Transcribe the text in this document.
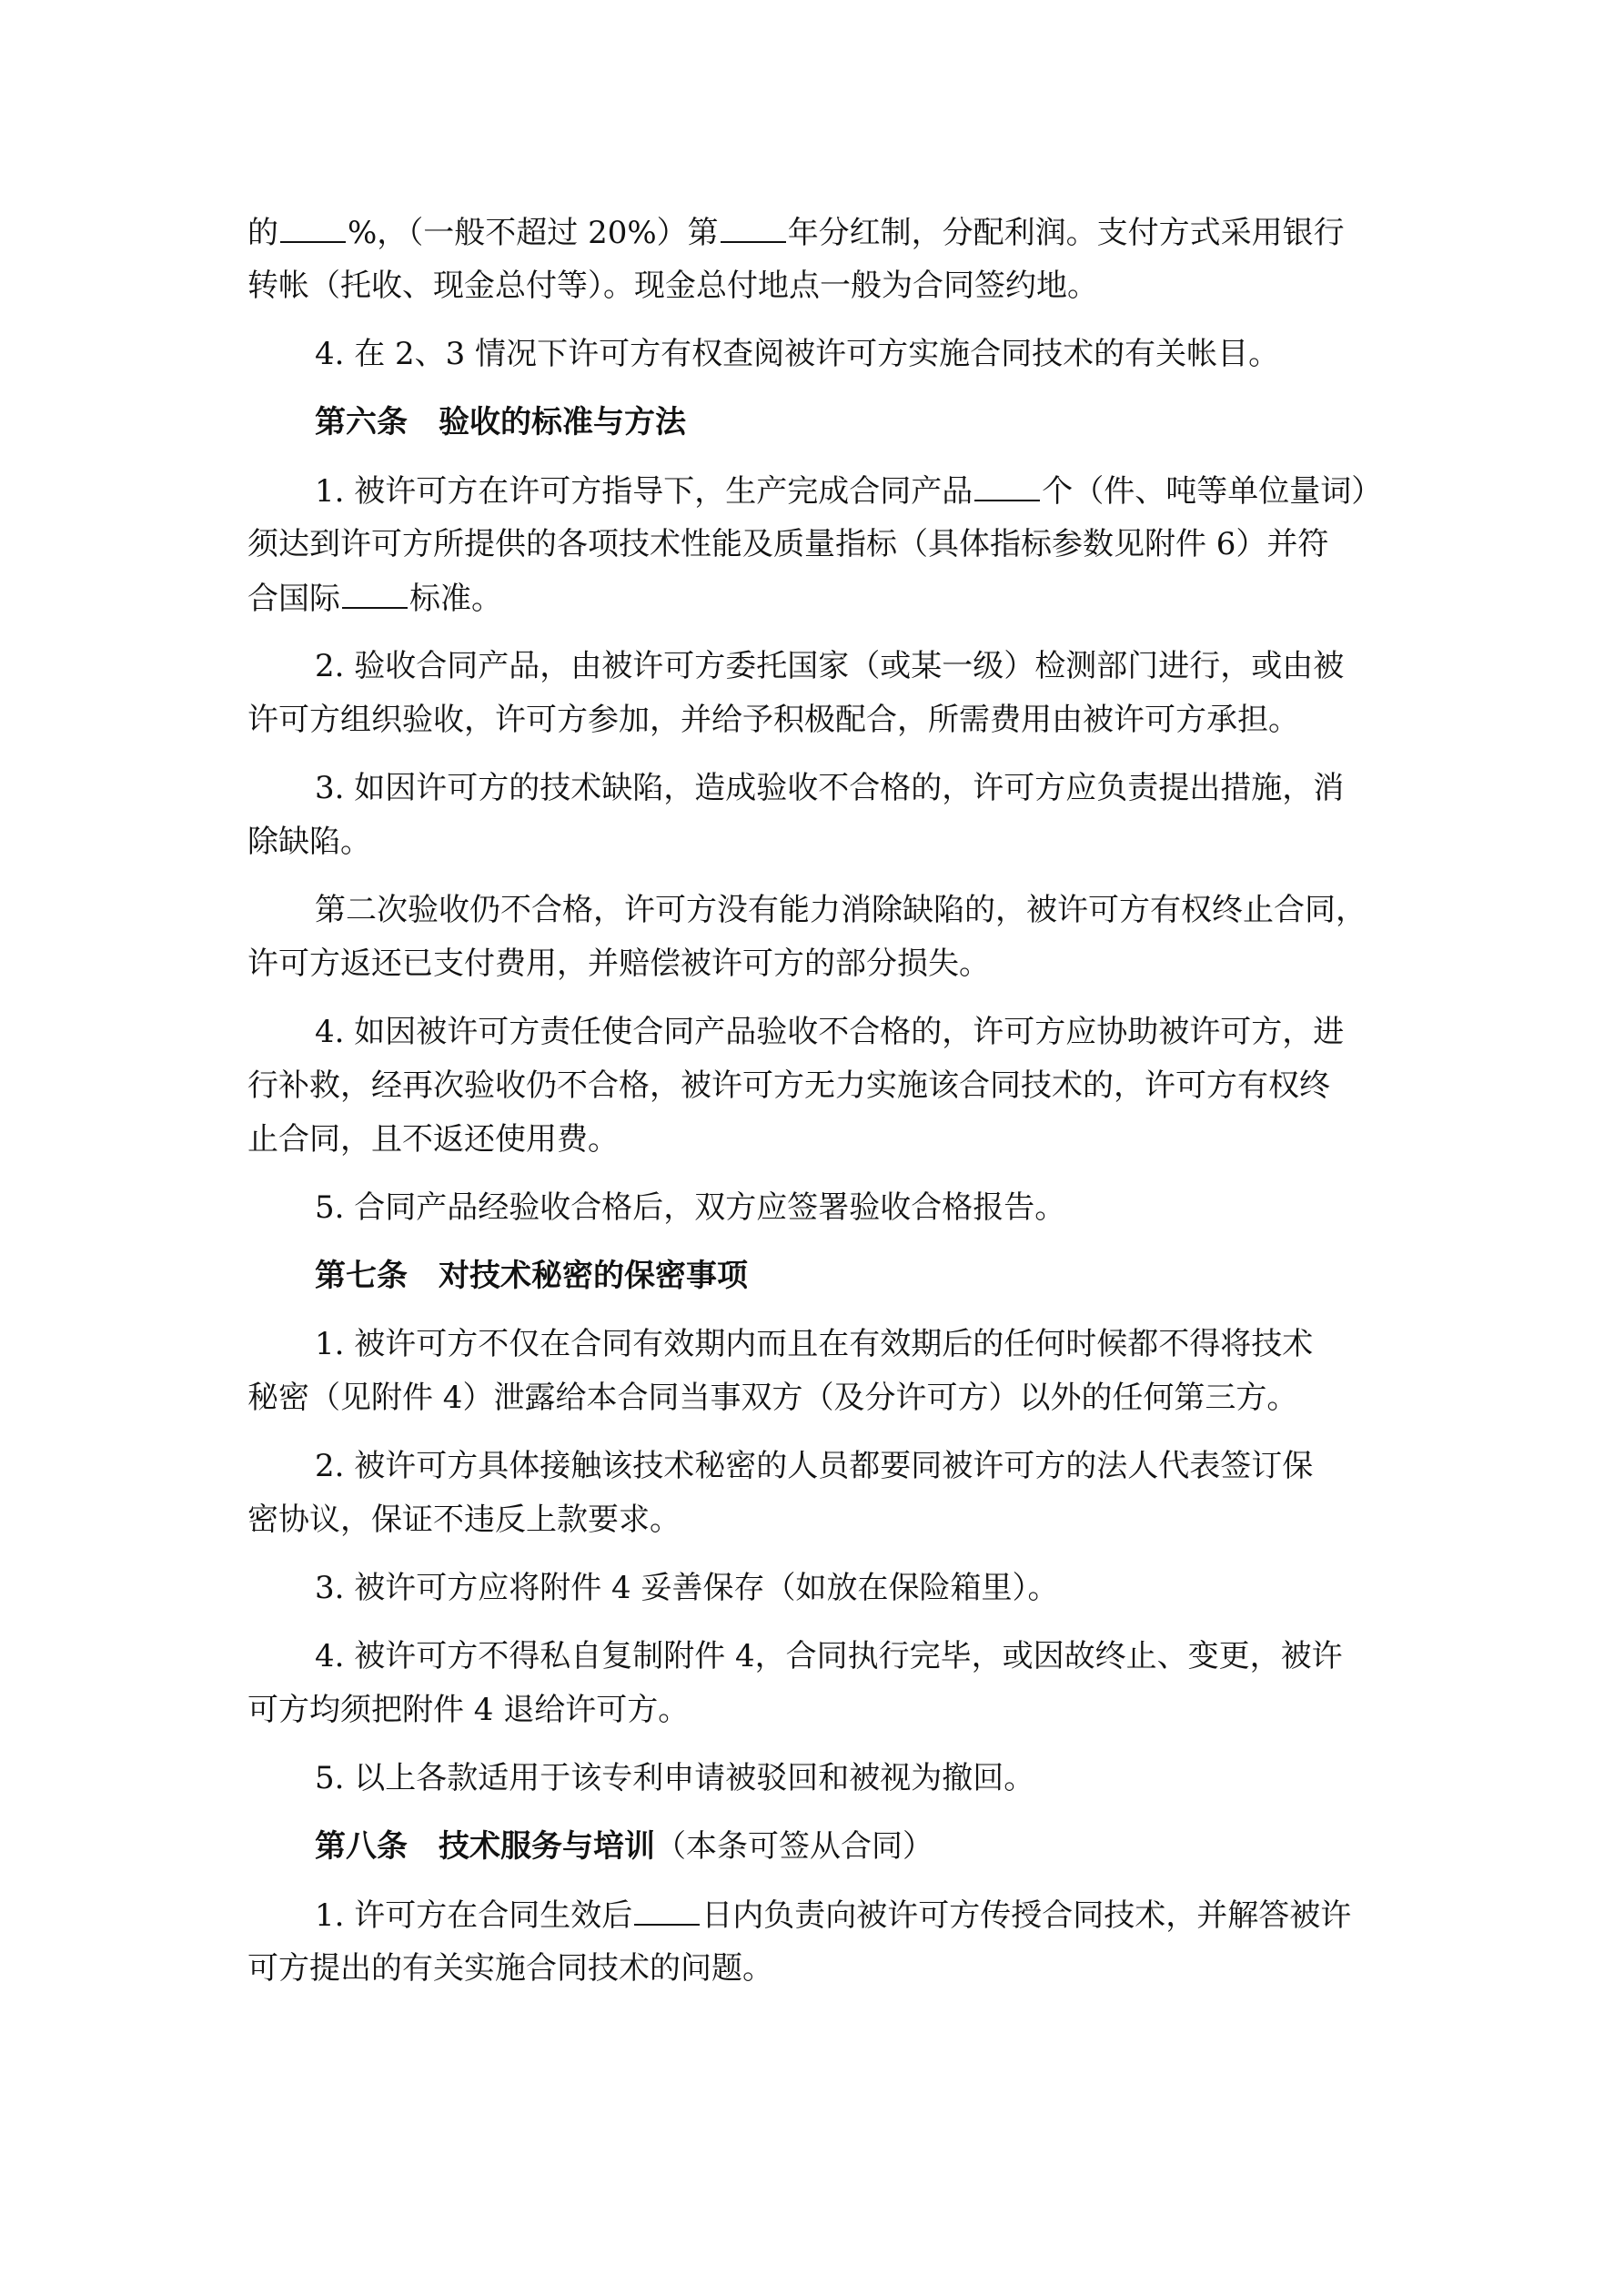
的 %，（一般不超过 20%）第 年分红制，分配利润。支付方式采用银行
转帐（托收、现金总付等）。现金总付地点一般为合同签约地。
4. 在 2、3 情况下许可方有权查阅被许可方实施合同技术的有关帐目。
第六条 验收的标准与方法
1. 被许可方在许可方指导下，生产完成合同产品 个（件、吨等单位量词）
须达到许可方所提供的各项技术性能及质量指标（具体指标参数见附件 6）并符
合国际 标准。
2. 验收合同产品，由被许可方委托国家（或某一级）检测部门进行，或由被
许可方组织验收，许可方参加，并给予积极配合，所需费用由被许可方承担。
3. 如因许可方的技术缺陷，造成验收不合格的，许可方应负责提出措施，消
除缺陷。
第二次验收仍不合格，许可方没有能力消除缺陷的，被许可方有权终止合同，
许可方返还已支付费用，并赔偿被许可方的部分损失。
4. 如因被许可方责任使合同产品验收不合格的，许可方应协助被许可方，进
行补救，经再次验收仍不合格，被许可方无力实施该合同技术的，许可方有权终
止合同，且不返还使用费。
5. 合同产品经验收合格后，双方应签署验收合格报告。
第七条 对技术秘密的保密事项
1. 被许可方不仅在合同有效期内而且在有效期后的任何时候都不得将技术
秘密（见附件 4）泄露给本合同当事双方（及分许可方）以外的任何第三方。
2. 被许可方具体接触该技术秘密的人员都要同被许可方的法人代表签订保
密协议，保证不违反上款要求。
3. 被许可方应将附件 4 妥善保存（如放在保险箱里）。
4. 被许可方不得私自复制附件 4，合同执行完毕，或因故终止、变更，被许
可方均须把附件 4 退给许可方。
5. 以上各款适用于该专利申请被驳回和被视为撤回。
第八条 技术服务与培训（本条可签从合同）
1. 许可方在合同生效后 日内负责向被许可方传授合同技术，并解答被许
可方提出的有关实施合同技术的问题。
